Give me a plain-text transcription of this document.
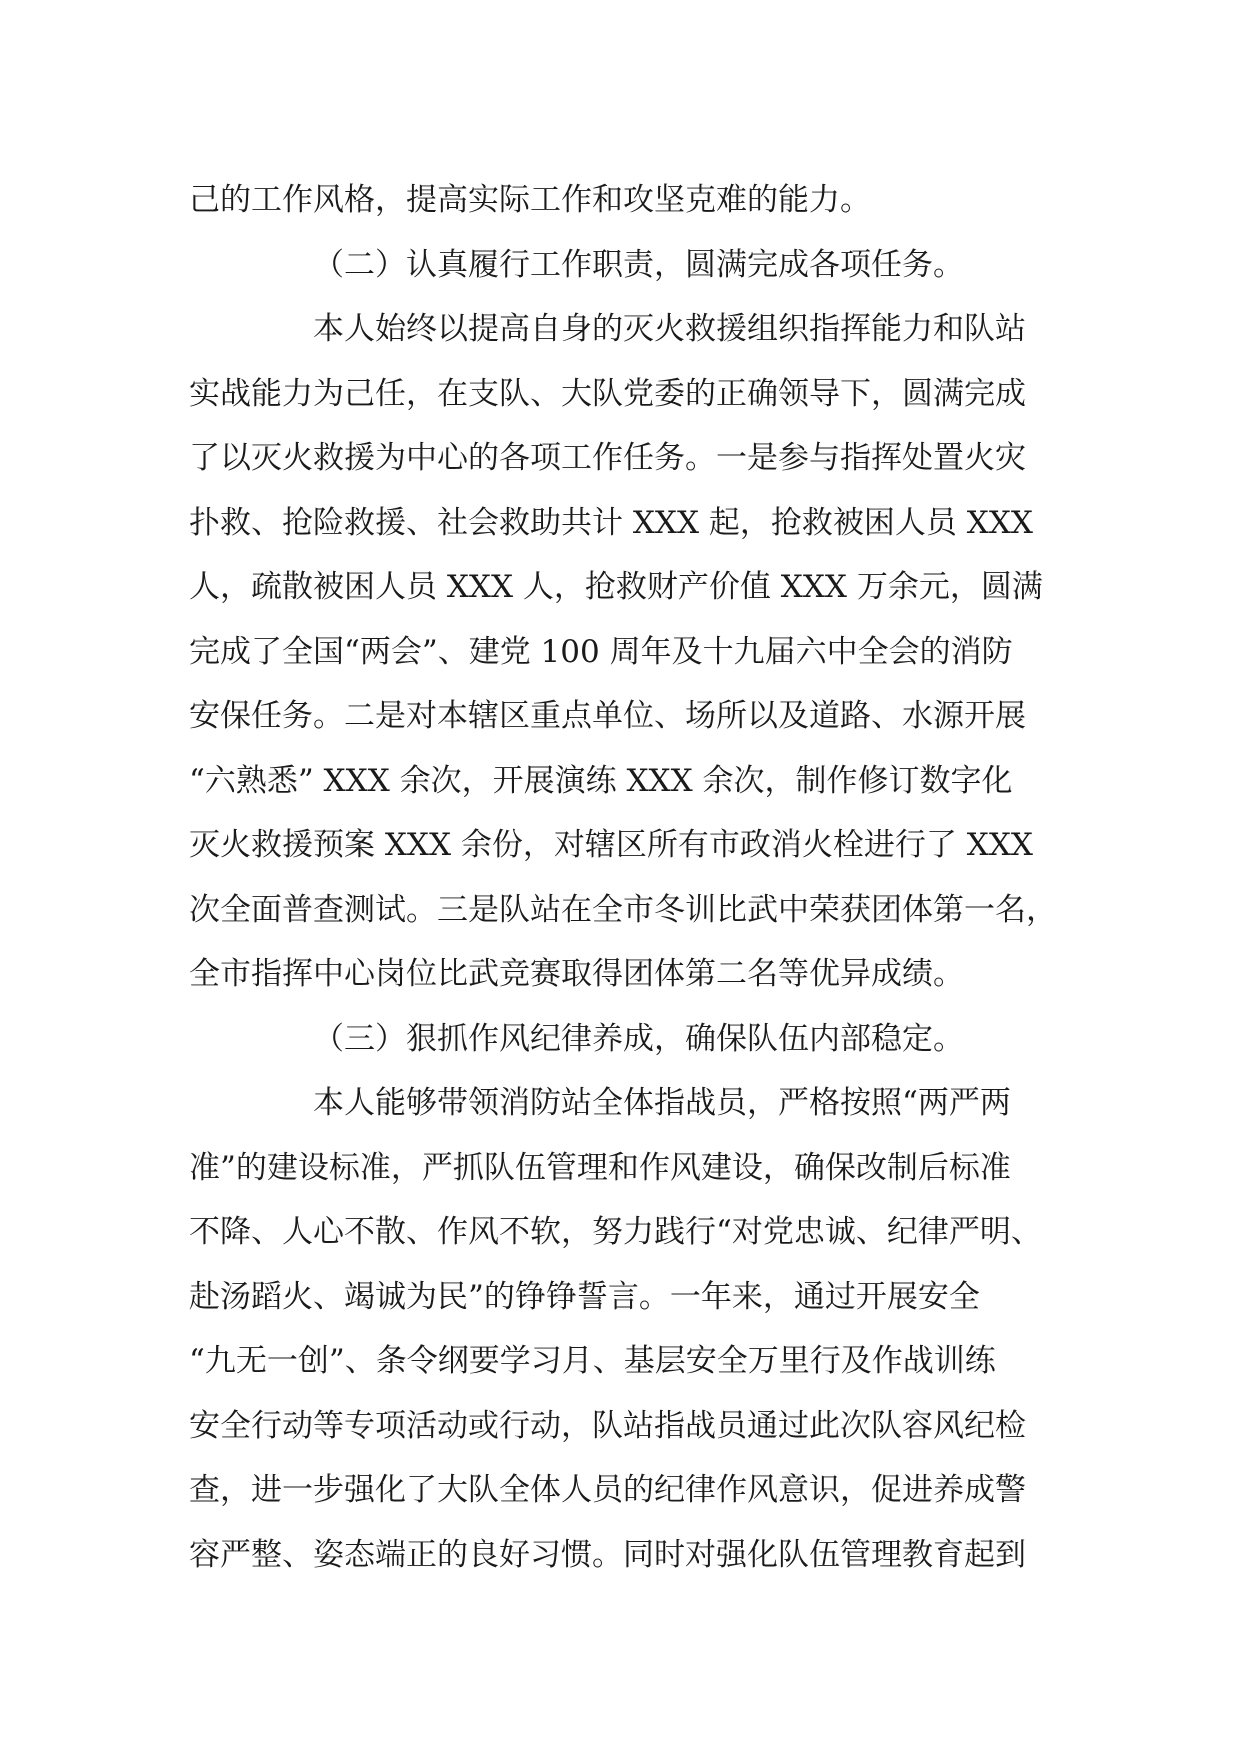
己的工作风格，提高实际工作和攻坚克难的能力。
（二）认真履行工作职责，圆满完成各项任务。
本人始终以提高自身的灭火救援组织指挥能力和队站
实战能力为己任，在支队、大队党委的正确领导下，圆满完成
了以灭火救援为中心的各项工作任务。一是参与指挥处置火灾
扑救、抢险救援、社会救助共计 XXX 起，抢救被困人员 XXX
人，疏散被困人员 XXX 人，抢救财产价值 XXX 万余元，圆满
完成了全国“两会”、建党 100 周年及十九届六中全会的消防
安保任务。二是对本辖区重点单位、场所以及道路、水源开展
“六熟悉” XXX 余次，开展演练 XXX 余次，制作修订数字化
灭火救援预案 XXX 余份，对辖区所有市政消火栓进行了 XXX
次全面普查测试。三是队站在全市冬训比武中荣获团体第一名，
全市指挥中心岗位比武竞赛取得团体第二名等优异成绩。
（三）狠抓作风纪律养成，确保队伍内部稳定。
本人能够带领消防站全体指战员，严格按照“两严两
准”的建设标准，严抓队伍管理和作风建设，确保改制后标准
不降、人心不散、作风不软，努力践行“对党忠诚、纪律严明、
赴汤蹈火、竭诚为民”的铮铮誓言。一年来，通过开展安全
“九无一创”、条令纲要学习月、基层安全万里行及作战训练
安全行动等专项活动或行动，队站指战员通过此次队容风纪检
查，进一步强化了大队全体人员的纪律作风意识，促进养成警
容严整、姿态端正的良好习惯。同时对强化队伍管理教育起到
